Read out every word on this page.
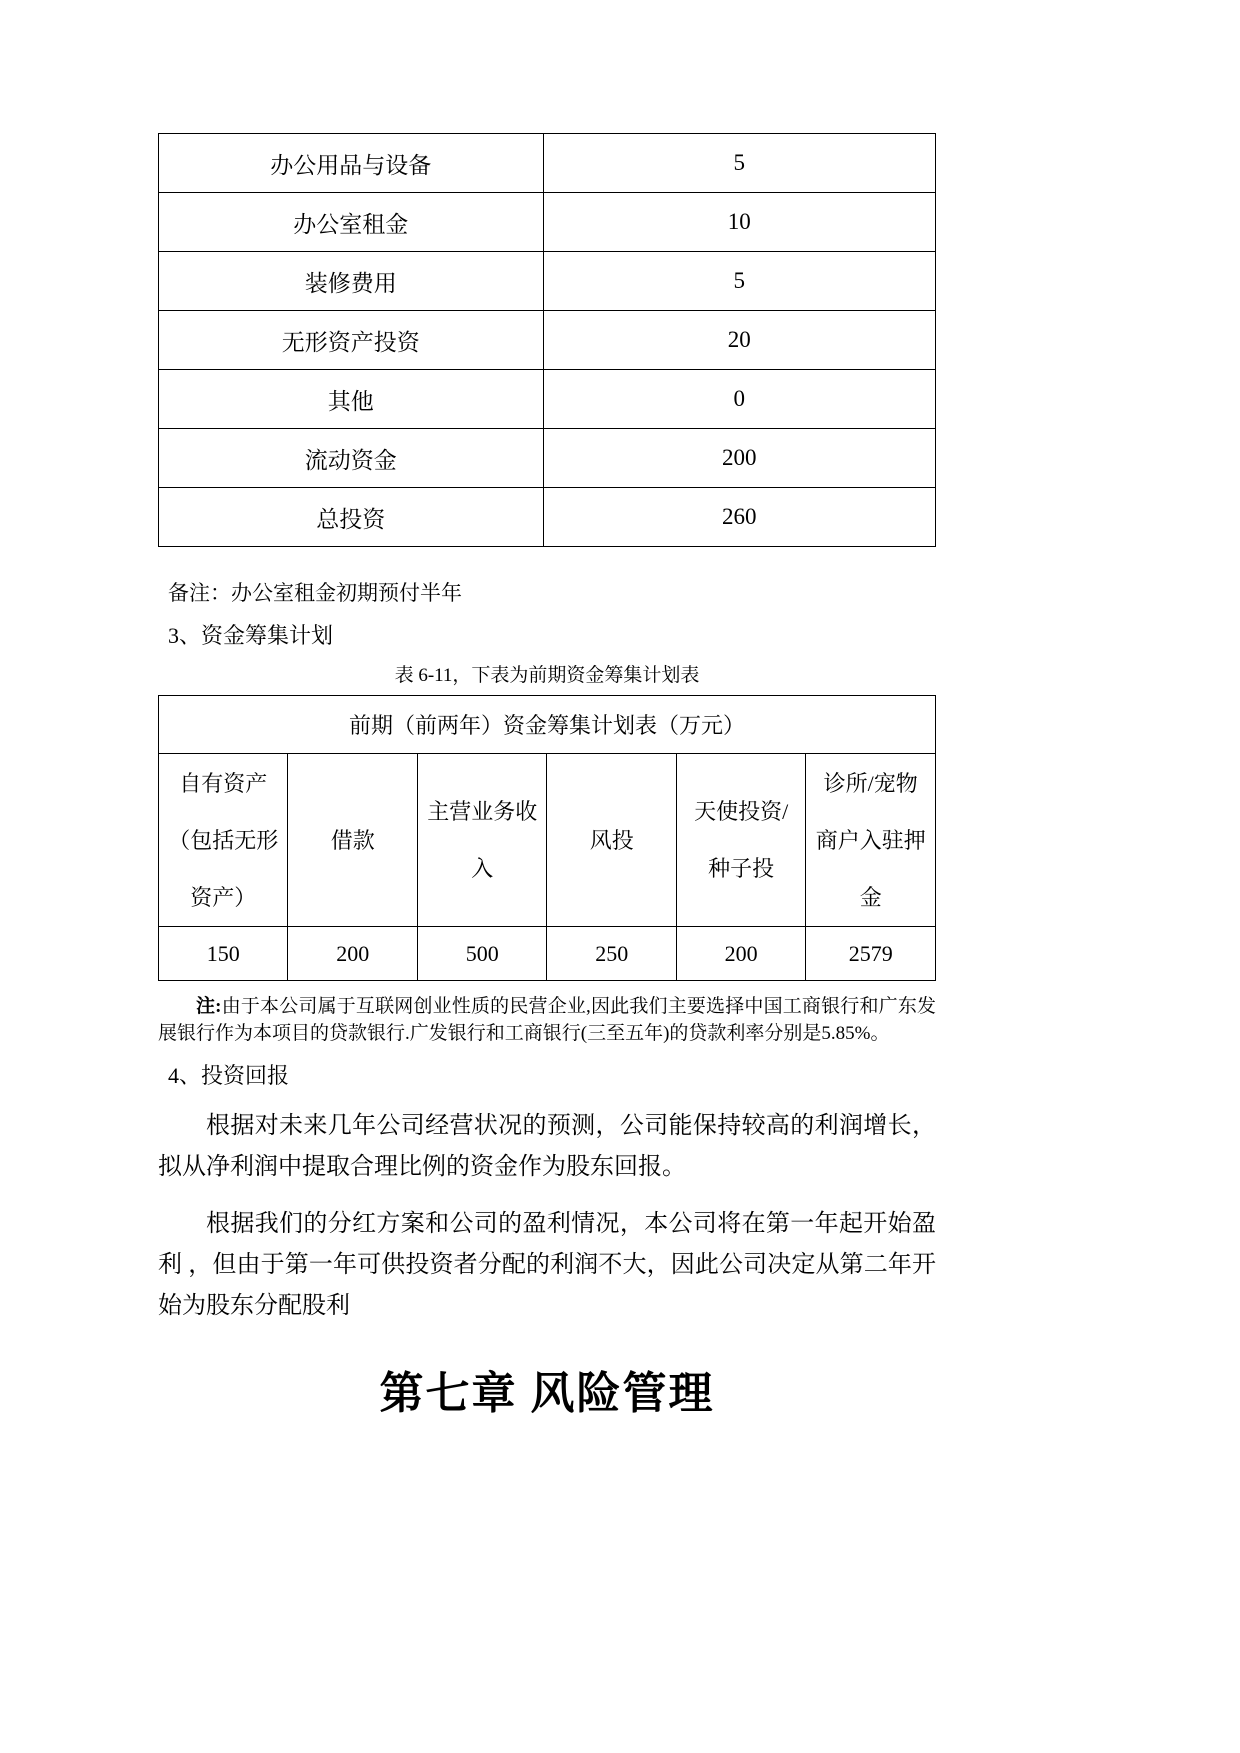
办公用品与设备	5
办公室租金	10
装修费用	5
无形资产投资	20
其他	0
流动资金	200
总投资	260

备注：办公室租金初期预付半年

3、资金筹集计划

表 6-11，下表为前期资金筹集计划表

前期（前两年）资金筹集计划表（万元）					
自有资产（包括无形资产）	借款	主营业务收入	风投	天使投资/种子投	诊所/宠物商户入驻押金
150	200	500	250	200	2579

注:由于本公司属于互联网创业性质的民营企业,因此我们主要选择中国工商银行和广东发展银行作为本项目的贷款银行.广发银行和工商银行(三至五年)的贷款利率分别是5.85%。

4、投资回报

根据对未来几年公司经营状况的预测，公司能保持较高的利润增长，拟从净利润中提取合理比例的资金作为股东回报。

根据我们的分红方案和公司的盈利情况，本公司将在第一年起开始盈利 ，但由于第一年可供投资者分配的利润不大，因此公司决定从第二年开始为股东分配股利

第七章 风险管理
